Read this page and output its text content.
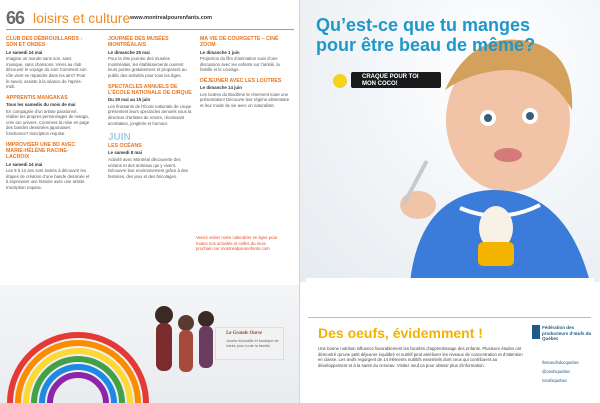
66 loisirs et culture www.montrealpourenfants.com
CLUB DES DÉBROUILLARDS : SON ET ONDES
Le samedi 24 mai
Imagine un monde sans son, sans musique, sans chansons. Viens au club découvrir le voyage du son! Comment son rôle vient se répandre dans les airs? Pour le savoir, assiste à la séance de l’après-midi.
APPRENTIS MANGAKAS
Tous les samedis du mois de mai
En compagnie d’un artiste passionné, réalise tes propres personnages de manga, crée ton univers. Comment la mise en page des bandes dessinées japonaises fonctionne? Inscription requise.
IMPROVISER UNE BD AVEC MARIE-HÉLÈNE RACINE-LACROIX
Le samedi 24 mai
Les 9 à 12 ans sont invités à découvrir les étapes de création d’une bande dessinée et à improviser une histoire avec une artiste. Inscription requise.
JOURNÉE DES MUSÉES MONTRÉALAIS
Le dimanche 25 mai
Pour la 29e journée des musées montréalais, les établissements ouvrent leurs portes gratuitement et proposent au public des activités pour tous les âges.
SPECTACLES ANNUELS DE L’ÉCOLE NATIONALE DE CIRQUE
Du 29 mai au 15 juin
Les finissants de l’École nationale de cirque présentent leurs spectacles annuels sous la direction d’artistes de renom, réunissant acrobaties, jonglerie et humour.
JUIN
LES OCÉANS
Le samedi 8 mai
Activité avec Montréal découverte des océans et des animaux qui y vivent. Découvre leur environnement grâce à des histoires, des jeux et des bricolages.
MA VIE DE COURGETTE – CINÉ ZOOM
Le dimanche 1 juin
Projection du film d’animation suivi d’une discussion avec les enfants sur l’amitié, la famille et le courage.
DÉJEUNER AVEC LES LOUTRES
Le dimanche 14 juin
Les loutres du Biodôme te réservent toute une présentation! Découvre leur régime alimentaire et leur mode de vie avec un naturaliste.
Venez visiter notre calendrier en ligne pour toutes nos activités et celles du mois prochain sur montrealpourenfants.com
La Grande Ourse
Jouets éducatifs et boutique de loisirs pour toute la famille
Qu’est-ce que tu manges
pour être beau de même?
CRAQUE POUR TOI
MON COCO!
Des oeufs, évidemment !
Une bonne nutrition influence favorablement les facultés d’apprentissage des enfants. Plusieurs études ont démontré qu’une petit déjeuner équilibré et nutritif peut améliorer les niveaux de concentration et d’attention en classe. Les œufs regorgent de 14 éléments nutritifs essentiels dont ceux qui contribuent au développement et à la santé du cerveau. Visitez oeuf.ca pour obtenir plus d’information.
Fédération des producteurs d’œufs du Québec
/lesoeufsducquebec
@oeufsquebec
/oeufsquebec
